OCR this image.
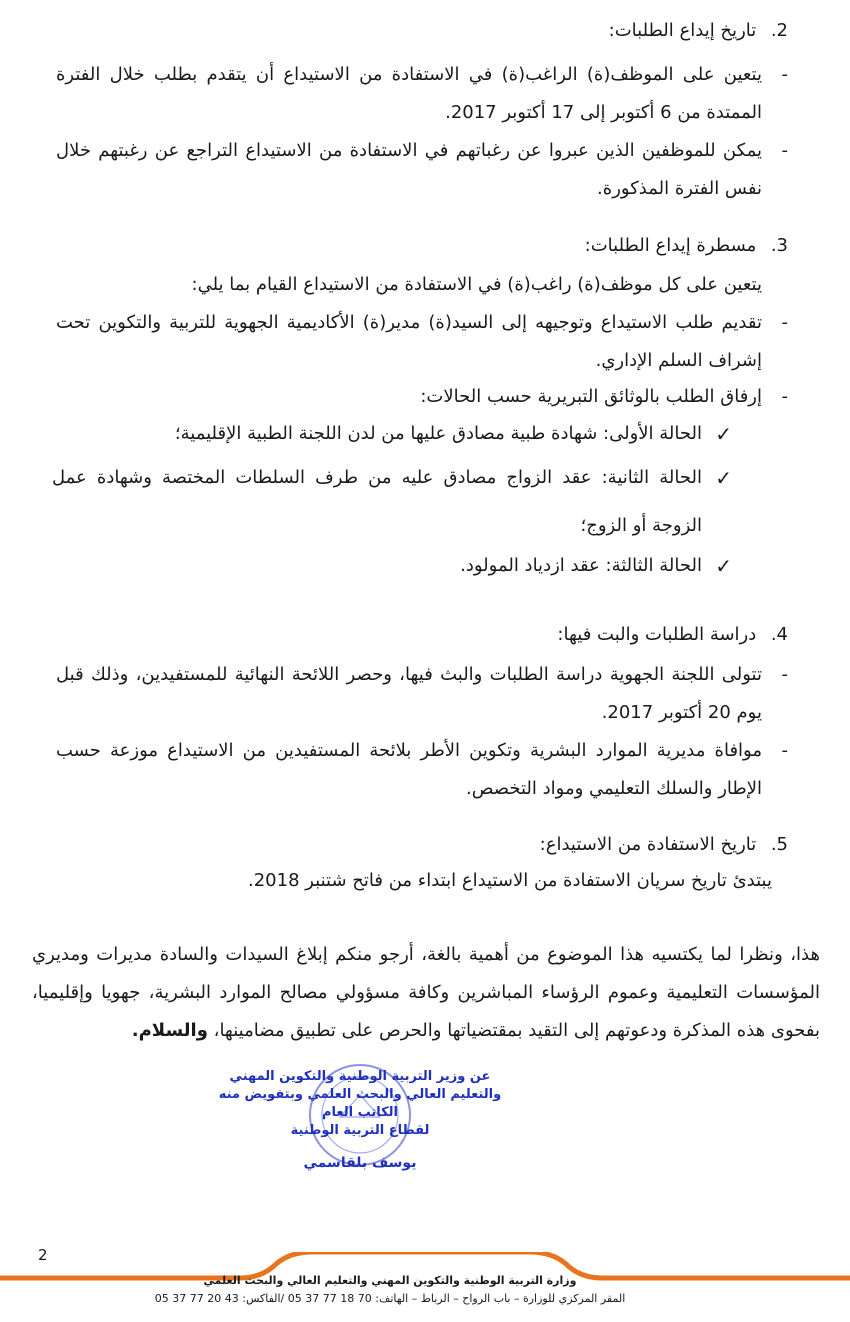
2. تاريخ إيداع الطلبات:
-

يتعين على الموظف(ة) الراغب(ة) في الاستفادة من الاستيداع أن يتقدم بطلب خلال الفترة الممتدة من 6 أكتوبر إلى 17 أكتوبر 2017.

-

يمكن للموظفين الذين عبروا عن رغباتهم في الاستفادة من الاستيداع التراجع عن رغبتهم خلال نفس الفترة المذكورة.

3. مسطرة إيداع الطلبات:

يتعين على كل موظف(ة) راغب(ة) في الاستفادة من الاستيداع القيام بما يلي:

-

تقديم طلب الاستيداع وتوجيهه إلى السيد(ة) مدير(ة) الأكاديمية الجهوية للتربية والتكوين تحت إشراف السلم الإداري.

-

إرفاق الطلب بالوثائق التبريرية حسب الحالات:

✓

الحالة الأولى: شهادة طبية مصادق عليها من لدن اللجنة الطبية الإقليمية؛

✓

الحالة الثانية: عقد الزواج مصادق عليه من طرف السلطات المختصة وشهادة عمل الزوجة أو الزوج؛

✓

الحالة الثالثة: عقد ازدياد المولود.

4. دراسة الطلبات والبت فيها:
-

تتولى اللجنة الجهوية دراسة الطلبات والبث فيها، وحصر اللائحة النهائية للمستفيدين، وذلك قبل يوم 20 أكتوبر 2017.

-

موافاة مديرية الموارد البشرية وتكوين الأطر بلائحة المستفيدين من الاستيداع موزعة حسب الإطار والسلك التعليمي ومواد التخصص.

5. تاريخ الاستفادة من الاستيداع:

يبتدئ تاريخ سريان الاستفادة من الاستيداع ابتداء من فاتح شتنبر 2018.

هذا، ونظرا لما يكتسيه هذا الموضوع من أهمية بالغة، أرجو منكم إبلاغ السيدات والسادة مديرات ومديري المؤسسات التعليمية وعموم الرؤساء المباشرين وكافة مسؤولي مصالح الموارد البشرية، جهويا وإقليميا، بفحوى هذه المذكرة ودعوتهم إلى التقيد بمقتضياتها والحرص على تطبيق مضامينها، والسلام.

عن وزير التربية الوطنية والتكوين المهني
والتعليم العالي والبحث العلمي وبتفويض منه
الكاتب العام
لقطاع التربية الوطنية
يوسف بلقاسمي
2
وزارة التربية الوطنية والتكوين المهني والتعليم العالي والبحث العلمي
المقر المركزي للوزارة – باب الرواح – الرباط – الهاتف: 70 18 77 37 05 /الفاكس: 43 20 77 37 05
